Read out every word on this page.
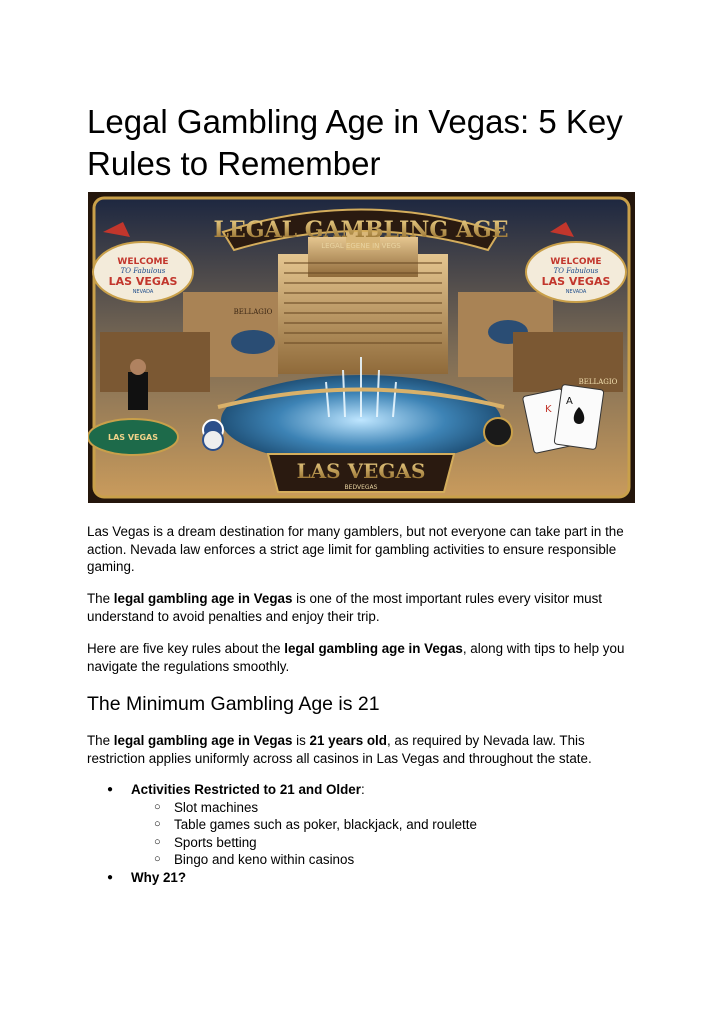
Legal Gambling Age in Vegas: 5 Key Rules to Remember
LEGAL GAMBLING AGE
LEGAL EGENE IN VEGS
WELCOME
TO Fabulous
LAS VEGAS
NEVADA
WELCOME
TO Fabulous
LAS VEGAS
NEVADA
BELLAGIO
BELLAGIO
LAS VEGAS
K
A
LAS VEGAS
BEDVEGAS

Las Vegas is a dream destination for many gamblers, but not everyone can take part in the action. Nevada law enforces a strict age limit for gambling activities to ensure responsible gaming.

The legal gambling age in Vegas is one of the most important rules every visitor must understand to avoid penalties and enjoy their trip.

Here are five key rules about the legal gambling age in Vegas, along with tips to help you navigate the regulations smoothly.

The Minimum Gambling Age is 21

The legal gambling age in Vegas is 21 years old, as required by Nevada law. This restriction applies uniformly across all casinos in Las Vegas and throughout the state.

● Activities Restricted to 21 and Older:
○ Slot machines
○ Table games such as poker, blackjack, and roulette
○ Sports betting
○ Bingo and keno within casinos
● Why 21?
